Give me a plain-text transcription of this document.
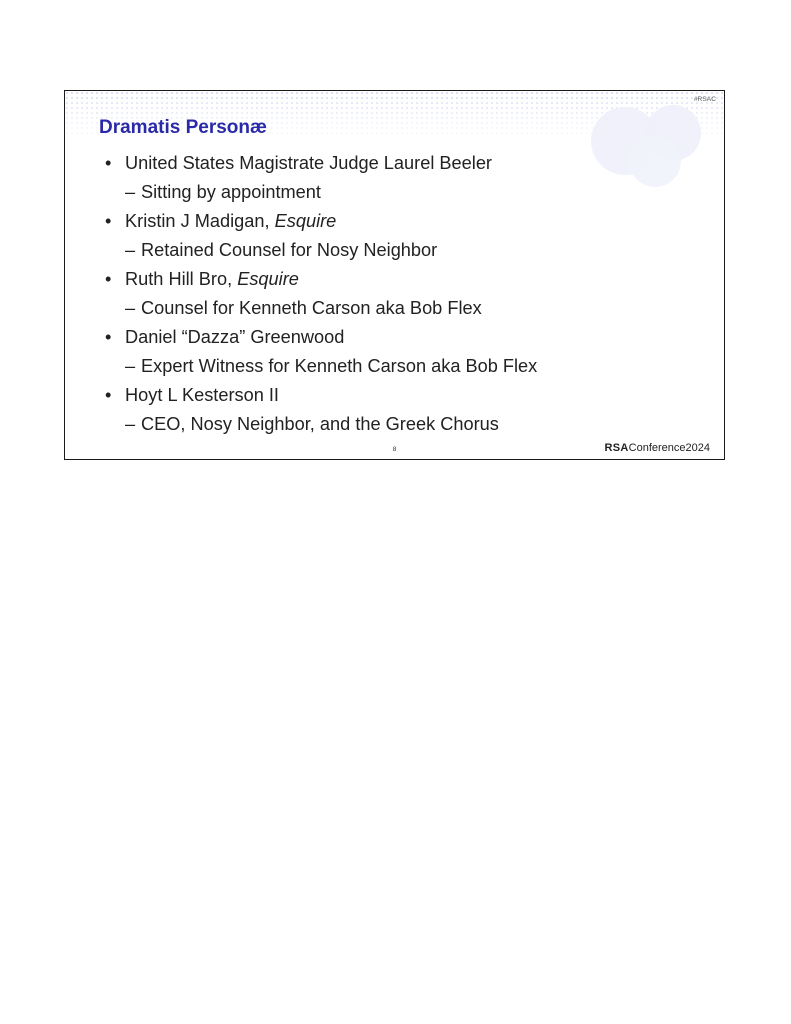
#RSAC
Dramatis Personæ
• United States Magistrate Judge Laurel Beeler
– Sitting by appointment
• Kristin J Madigan, Esquire
– Retained Counsel for Nosy Neighbor
• Ruth Hill Bro, Esquire
– Counsel for Kenneth Carson aka Bob Flex
• Daniel “Dazza” Greenwood
– Expert Witness for Kenneth Carson aka Bob Flex
• Hoyt L Kesterson II
– CEO, Nosy Neighbor, and the Greek Chorus
8	RSAConference2024
